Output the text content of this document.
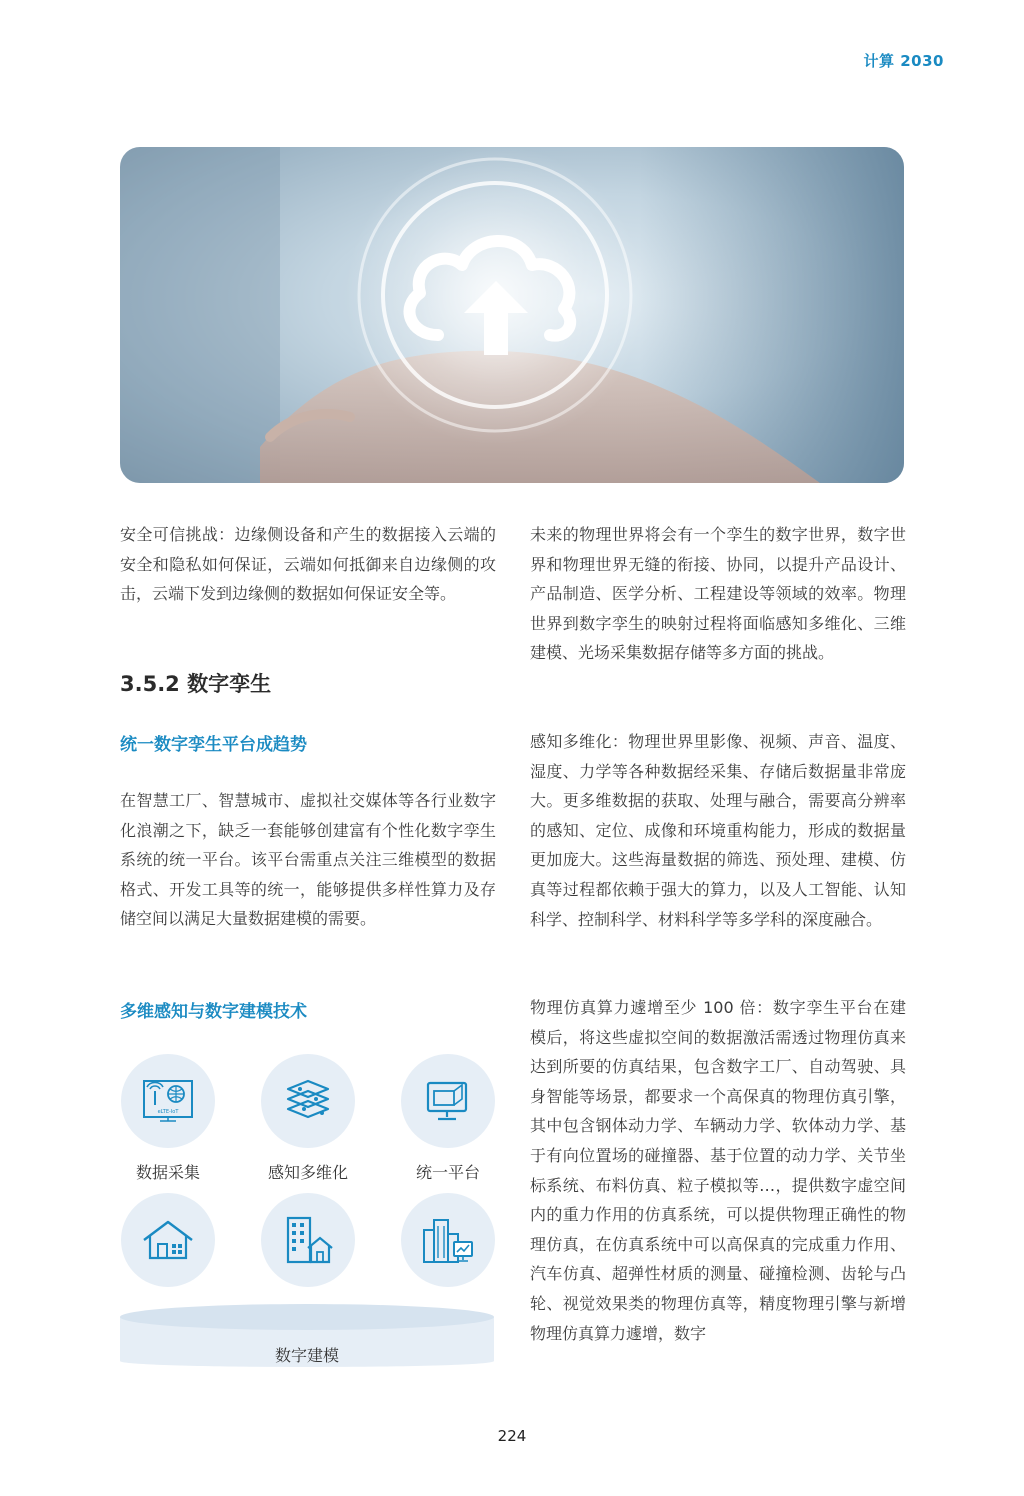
计算 2030

安全可信挑战：边缘侧设备和产生的数据接入云端的安全和隐私如何保证，云端如何抵御来自边缘侧的攻击，云端下发到边缘侧的数据如何保证安全等。

3.5.2 数字孪生
统一数字孪生平台成趋势

在智慧工厂、智慧城市、虚拟社交媒体等各行业数字化浪潮之下，缺乏一套能够创建富有个性化数字孪生系统的统一平台。该平台需重点关注三维模型的数据格式、开发工具等的统一，能够提供多样性算力及存储空间以满足大量数据建模的需要。

多维感知与数字建模技术
eLTE-IoT
数据采集	感知多维化	统一平台
数字建模

未来的物理世界将会有一个孪生的数字世界，数字世界和物理世界无缝的衔接、协同，以提升产品设计、产品制造、医学分析、工程建设等领域的效率。物理世界到数字孪生的映射过程将面临感知多维化、三维建模、光场采集数据存储等多方面的挑战。

感知多维化：物理世界里影像、视频、声音、温度、湿度、力学等各种数据经采集、存储后数据量非常庞大。更多维数据的获取、处理与融合，需要高分辨率的感知、定位、成像和环境重构能力，形成的数据量更加庞大。这些海量数据的筛选、预处理、建模、仿真等过程都依赖于强大的算力，以及人工智能、认知科学、控制科学、材料科学等多学科的深度融合。

物理仿真算力遽增至少 100 倍：数字孪生平台在建模后，将这些虚拟空间的数据激活需透过物理仿真来达到所要的仿真结果，包含数字工厂、自动驾驶、具身智能等场景，都要求一个高保真的物理仿真引擎，其中包含钢体动力学、车辆动力学、软体动力学、基于有向位置场的碰撞器、基于位置的动力学、关节坐标系统、布料仿真、粒子模拟等…，提供数字虚空间内的重力作用的仿真系统，可以提供物理正确性的物理仿真，在仿真系统中可以高保真的完成重力作用、汽车仿真、超弹性材质的测量、碰撞检测、齿轮与凸轮、视觉效果类的物理仿真等，精度物理引擎与新增物理仿真算力遽增，数字

224
